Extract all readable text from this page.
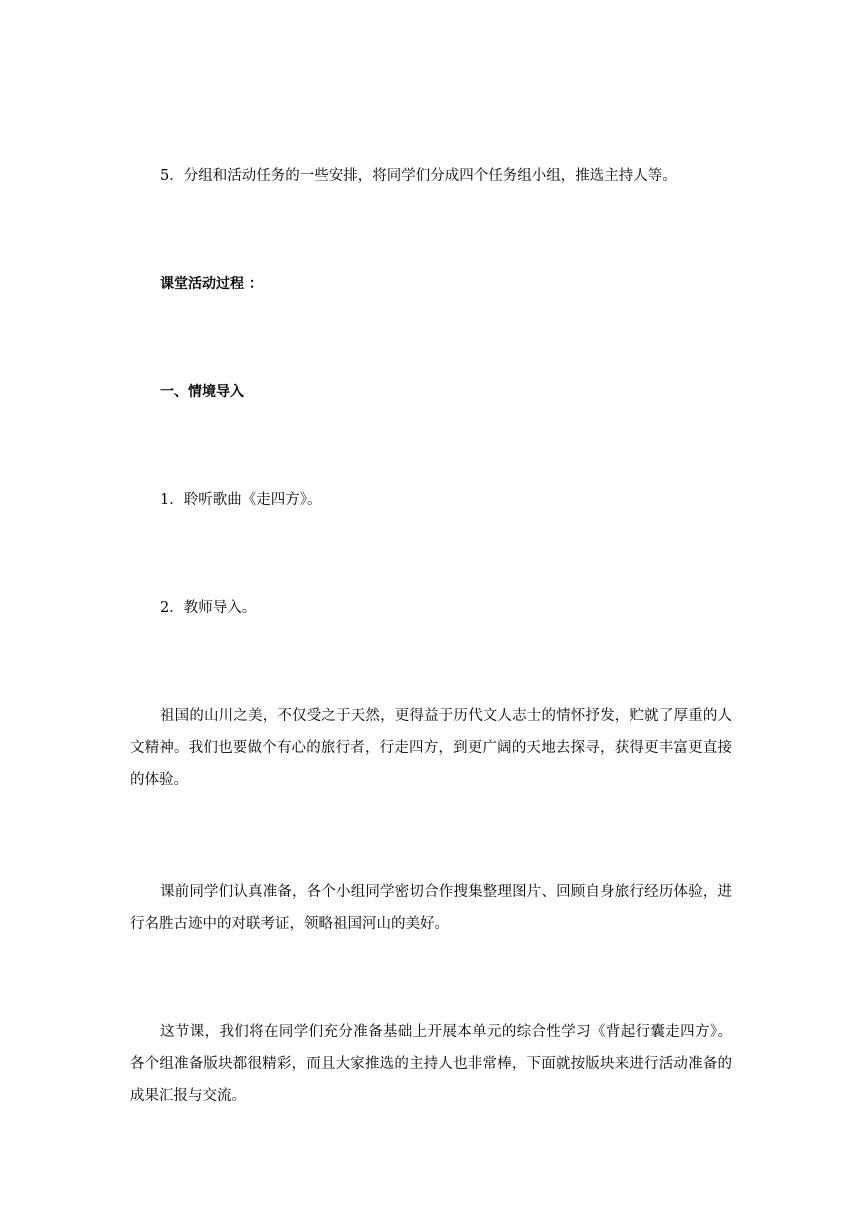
5．分组和活动任务的一些安排，将同学们分成四个任务组小组，推选主持人等。

课堂活动过程 ：

一、情境导入

1．聆听歌曲《走四方》。

2．教师导入。

祖国的山川之美，不仅受之于天然，更得益于历代文人志士的情怀抒发，贮就了厚重的人文精神。我们也要做个有心的旅行者，行走四方，到更广阔的天地去探寻，获得更丰富更直接的体验。

课前同学们认真准备，各个小组同学密切合作搜集整理图片、回顾自身旅行经历体验，进行名胜古迹中的对联考证，领略祖国河山的美好。

这节课，我们将在同学们充分准备基础上开展本单元的综合性学习《背起行囊走四方》。各个组准备版块都很精彩，而且大家推选的主持人也非常棒，下面就按版块来进行活动准备的成果汇报与交流。
